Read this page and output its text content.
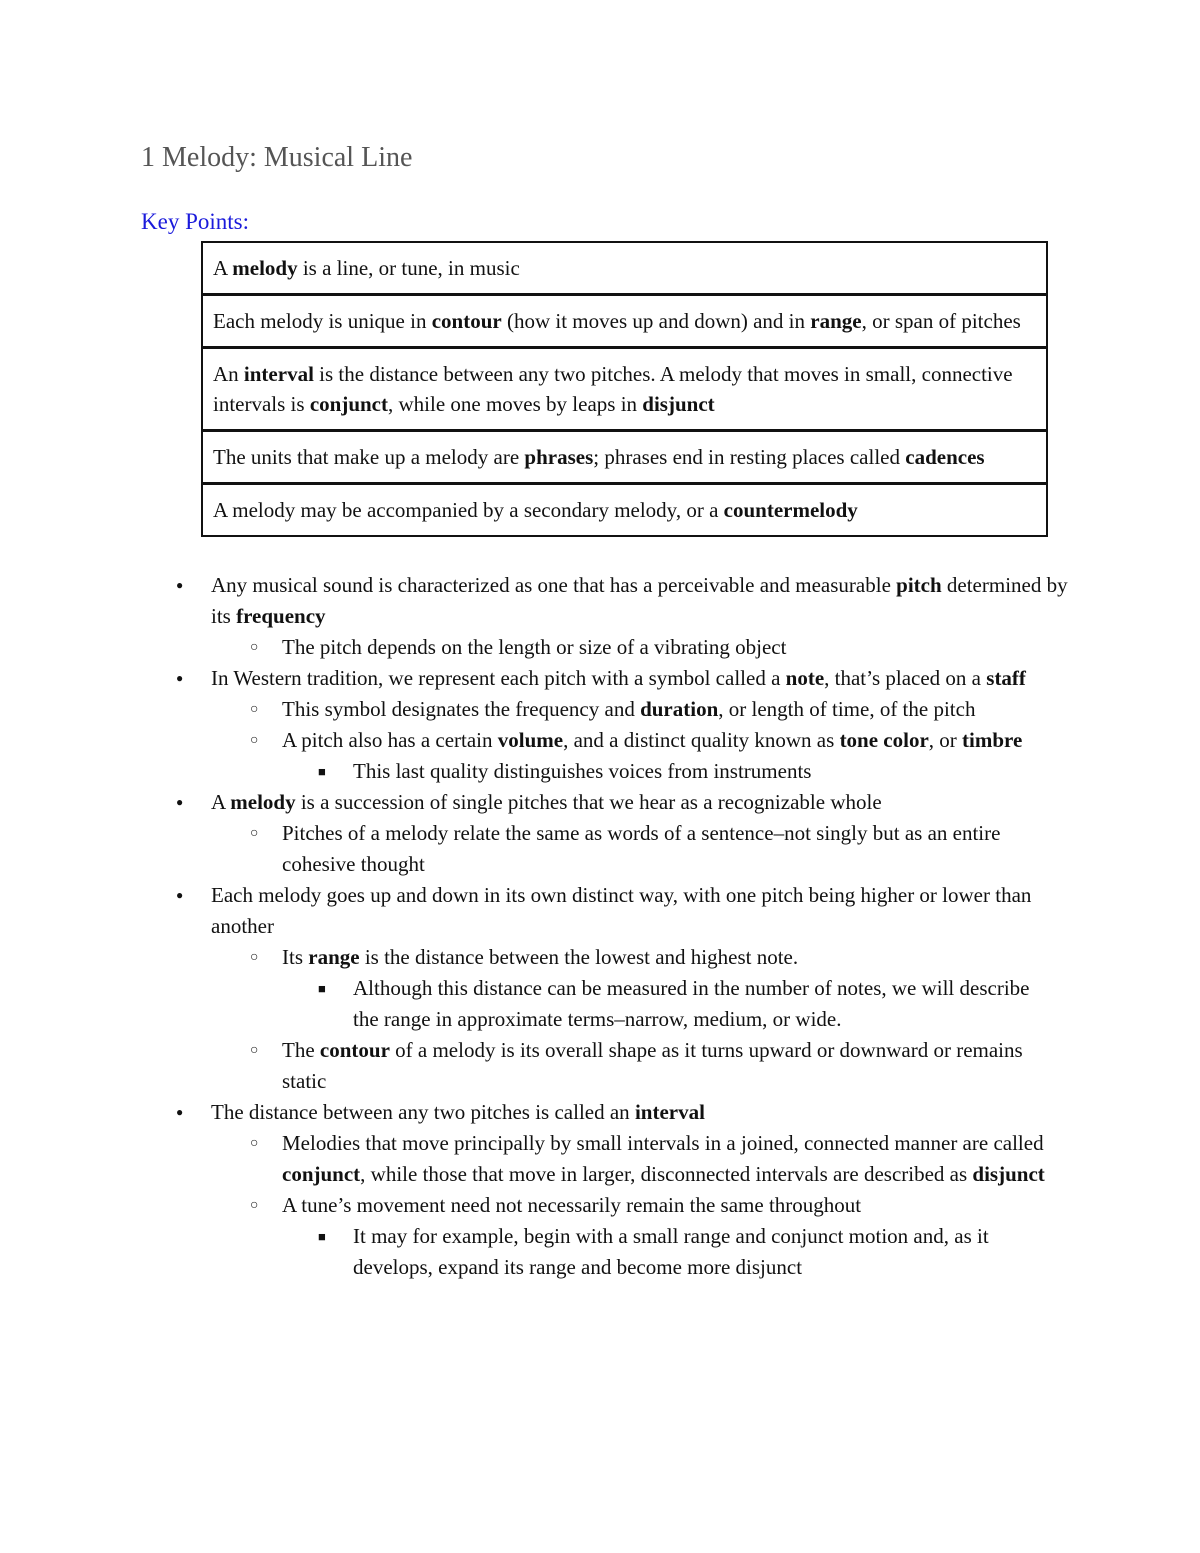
1 Melody: Musical Line
Key Points:
A melody is a line, or tune, in music
Each melody is unique in contour (how it moves up and down) and in range, or span of pitches
An interval is the distance between any two pitches. A melody that moves in small, connective intervals is conjunct, while one moves by leaps in disjunct
The units that make up a melody are phrases; phrases end in resting places called cadences
A melody may be accompanied by a secondary melody, or a countermelody
● Any musical sound is characterized as one that has a perceivable and measurable pitch determined by its frequency
○ The pitch depends on the length or size of a vibrating object
● In Western tradition, we represent each pitch with a symbol called a note, that’s placed on a staff
○ This symbol designates the frequency and duration, or length of time, of the pitch
○ A pitch also has a certain volume, and a distinct quality known as tone color, or timbre
■ This last quality distinguishes voices from instruments
● A melody is a succession of single pitches that we hear as a recognizable whole
○ Pitches of a melody relate the same as words of a sentence–not singly but as an entire cohesive thought
● Each melody goes up and down in its own distinct way, with one pitch being higher or lower than another
○ Its range is the distance between the lowest and highest note.
■ Although this distance can be measured in the number of notes, we will describe the range in approximate terms–narrow, medium, or wide.
○ The contour of a melody is its overall shape as it turns upward or downward or remains static
● The distance between any two pitches is called an interval
○ Melodies that move principally by small intervals in a joined, connected manner are called conjunct, while those that move in larger, disconnected intervals are described as disjunct
○ A tune’s movement need not necessarily remain the same throughout
■ It may for example, begin with a small range and conjunct motion and, as it develops, expand its range and become more disjunct
